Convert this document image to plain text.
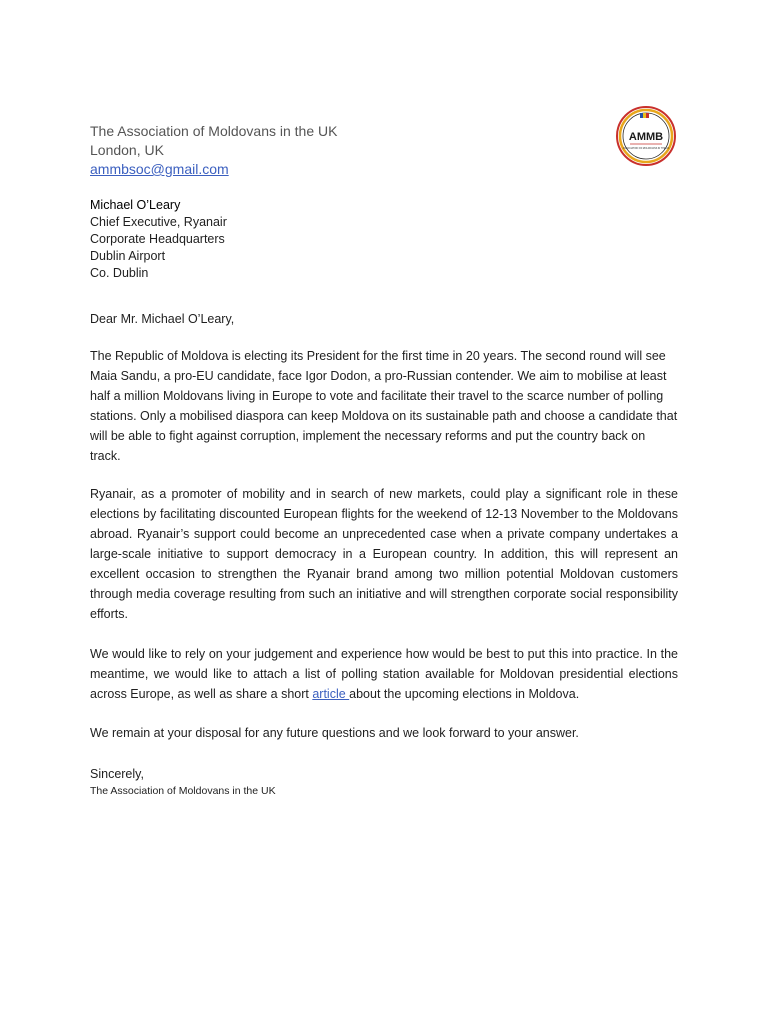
The Association of Moldovans in the UK
London, UK
ammbsoc@gmail.com
AMMB
ASSOCIATION OF MOLDOVANS IN THE UK
Michael O’Leary
Chief Executive, Ryanair
Corporate Headquarters
Dublin Airport
Co. Dublin
Dear Mr. Michael O’Leary,
The Republic of Moldova is electing its President for the first time in 20 years. The second round will see Maia Sandu, a pro-EU candidate, face Igor Dodon, a pro-Russian contender. We aim to mobilise at least half a million Moldovans living in Europe to vote and facilitate their travel to the scarce number of polling stations. Only a mobilised diaspora can keep Moldova on its sustainable path and choose a candidate that will be able to fight against corruption, implement the necessary reforms and put the country back on track.
Ryanair, as a promoter of mobility and in search of new markets, could play a significant role in these elections by facilitating discounted European flights for the weekend of 12-13 November to the Moldovans abroad. Ryanair’s support could become an unprecedented case when a private company undertakes a large-scale initiative to support democracy in a European country. In addition, this will represent an excellent occasion to strengthen the Ryanair brand among two million potential Moldovan customers through media coverage resulting from such an initiative and will strengthen corporate social responsibility efforts.
We would like to rely on your judgement and experience how would be best to put this into practice. In the meantime, we would like to attach a list of polling station available for Moldovan presidential elections across Europe, as well as share a short article about the upcoming elections in Moldova.
We remain at your disposal for any future questions and we look forward to your answer.
Sincerely,
The Association of Moldovans in the UK
